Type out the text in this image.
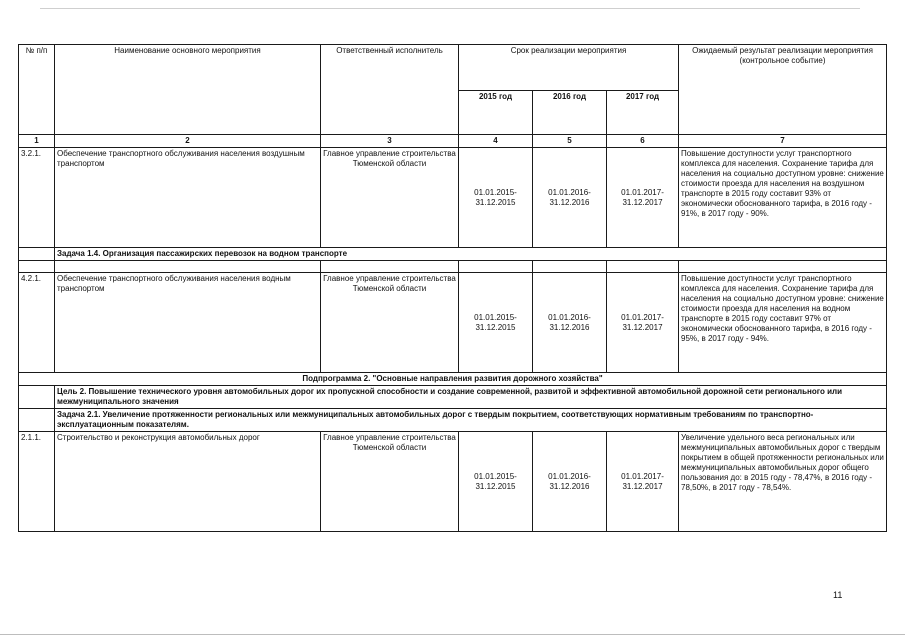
№ п/п	Наименование основного мероприятия	Ответственный исполнитель	Срок реализации мероприятия			Ожидаемый результат реализации мероприятия (контрольное событие)
			2015 год	2016 год	2017 год	
1	2	3	4	5	6	7
3.2.1.	Обеспечение транспортного обслуживания населения воздушным транспортом	Главное управление строительства Тюменской области	01.01.2015-31.12.2015	01.01.2016-31.12.2016	01.01.2017-31.12.2017	Повышение доступности услуг транспортного комплекса для населения. Сохранение тарифа для населения на социально доступном уровне: снижение стоимости проезда для населения на воздушном транспорте в 2015 году составит 93% от экономически обоснованного тарифа, в 2016 году - 91%, в 2017 году - 90%.
	Задача 1.4. Организация пассажирских перевозок на водном транспорте					

4.2.1.	Обеспечение транспортного обслуживания населения водным транспортом	Главное управление строительства Тюменской области	01.01.2015-31.12.2015	01.01.2016-31.12.2016	01.01.2017-31.12.2017	Повышение доступности услуг транспортного комплекса для населения. Сохранение тарифа для населения на социально доступном уровне: снижение стоимости проезда для населения на водном транспорте в 2015 году составит 97% от экономически обоснованного тарифа, в 2016 году - 95%, в 2017 году - 94%.
Подпрограмма 2. "Основные направления развития дорожного хозяйства"						
	Цель 2. Повышение технического уровня автомобильных дорог их пропускной способности и создание современной, развитой и эффективной автомобильной дорожной сети регионального или межмуниципального значения					
	Задача 2.1. Увеличение протяженности региональных или межмуниципальных автомобильных дорог с твердым покрытием, соответствующих нормативным требованиям по транспортно-эксплуатационным показателям.					
2.1.1.	Строительство и реконструкция автомобильных дорог	Главное управление строительства Тюменской области	01.01.2015-31.12.2015	01.01.2016-31.12.2016	01.01.2017-31.12.2017	Увеличение удельного веса региональных или межмуниципальных автомобильных дорог с твердым покрытием в общей протяженности региональных или межмуниципальных автомобильных дорог общего пользования до: в 2015 году - 78,47%, в 2016 году - 78,50%, в 2017 году - 78,54%.
11
